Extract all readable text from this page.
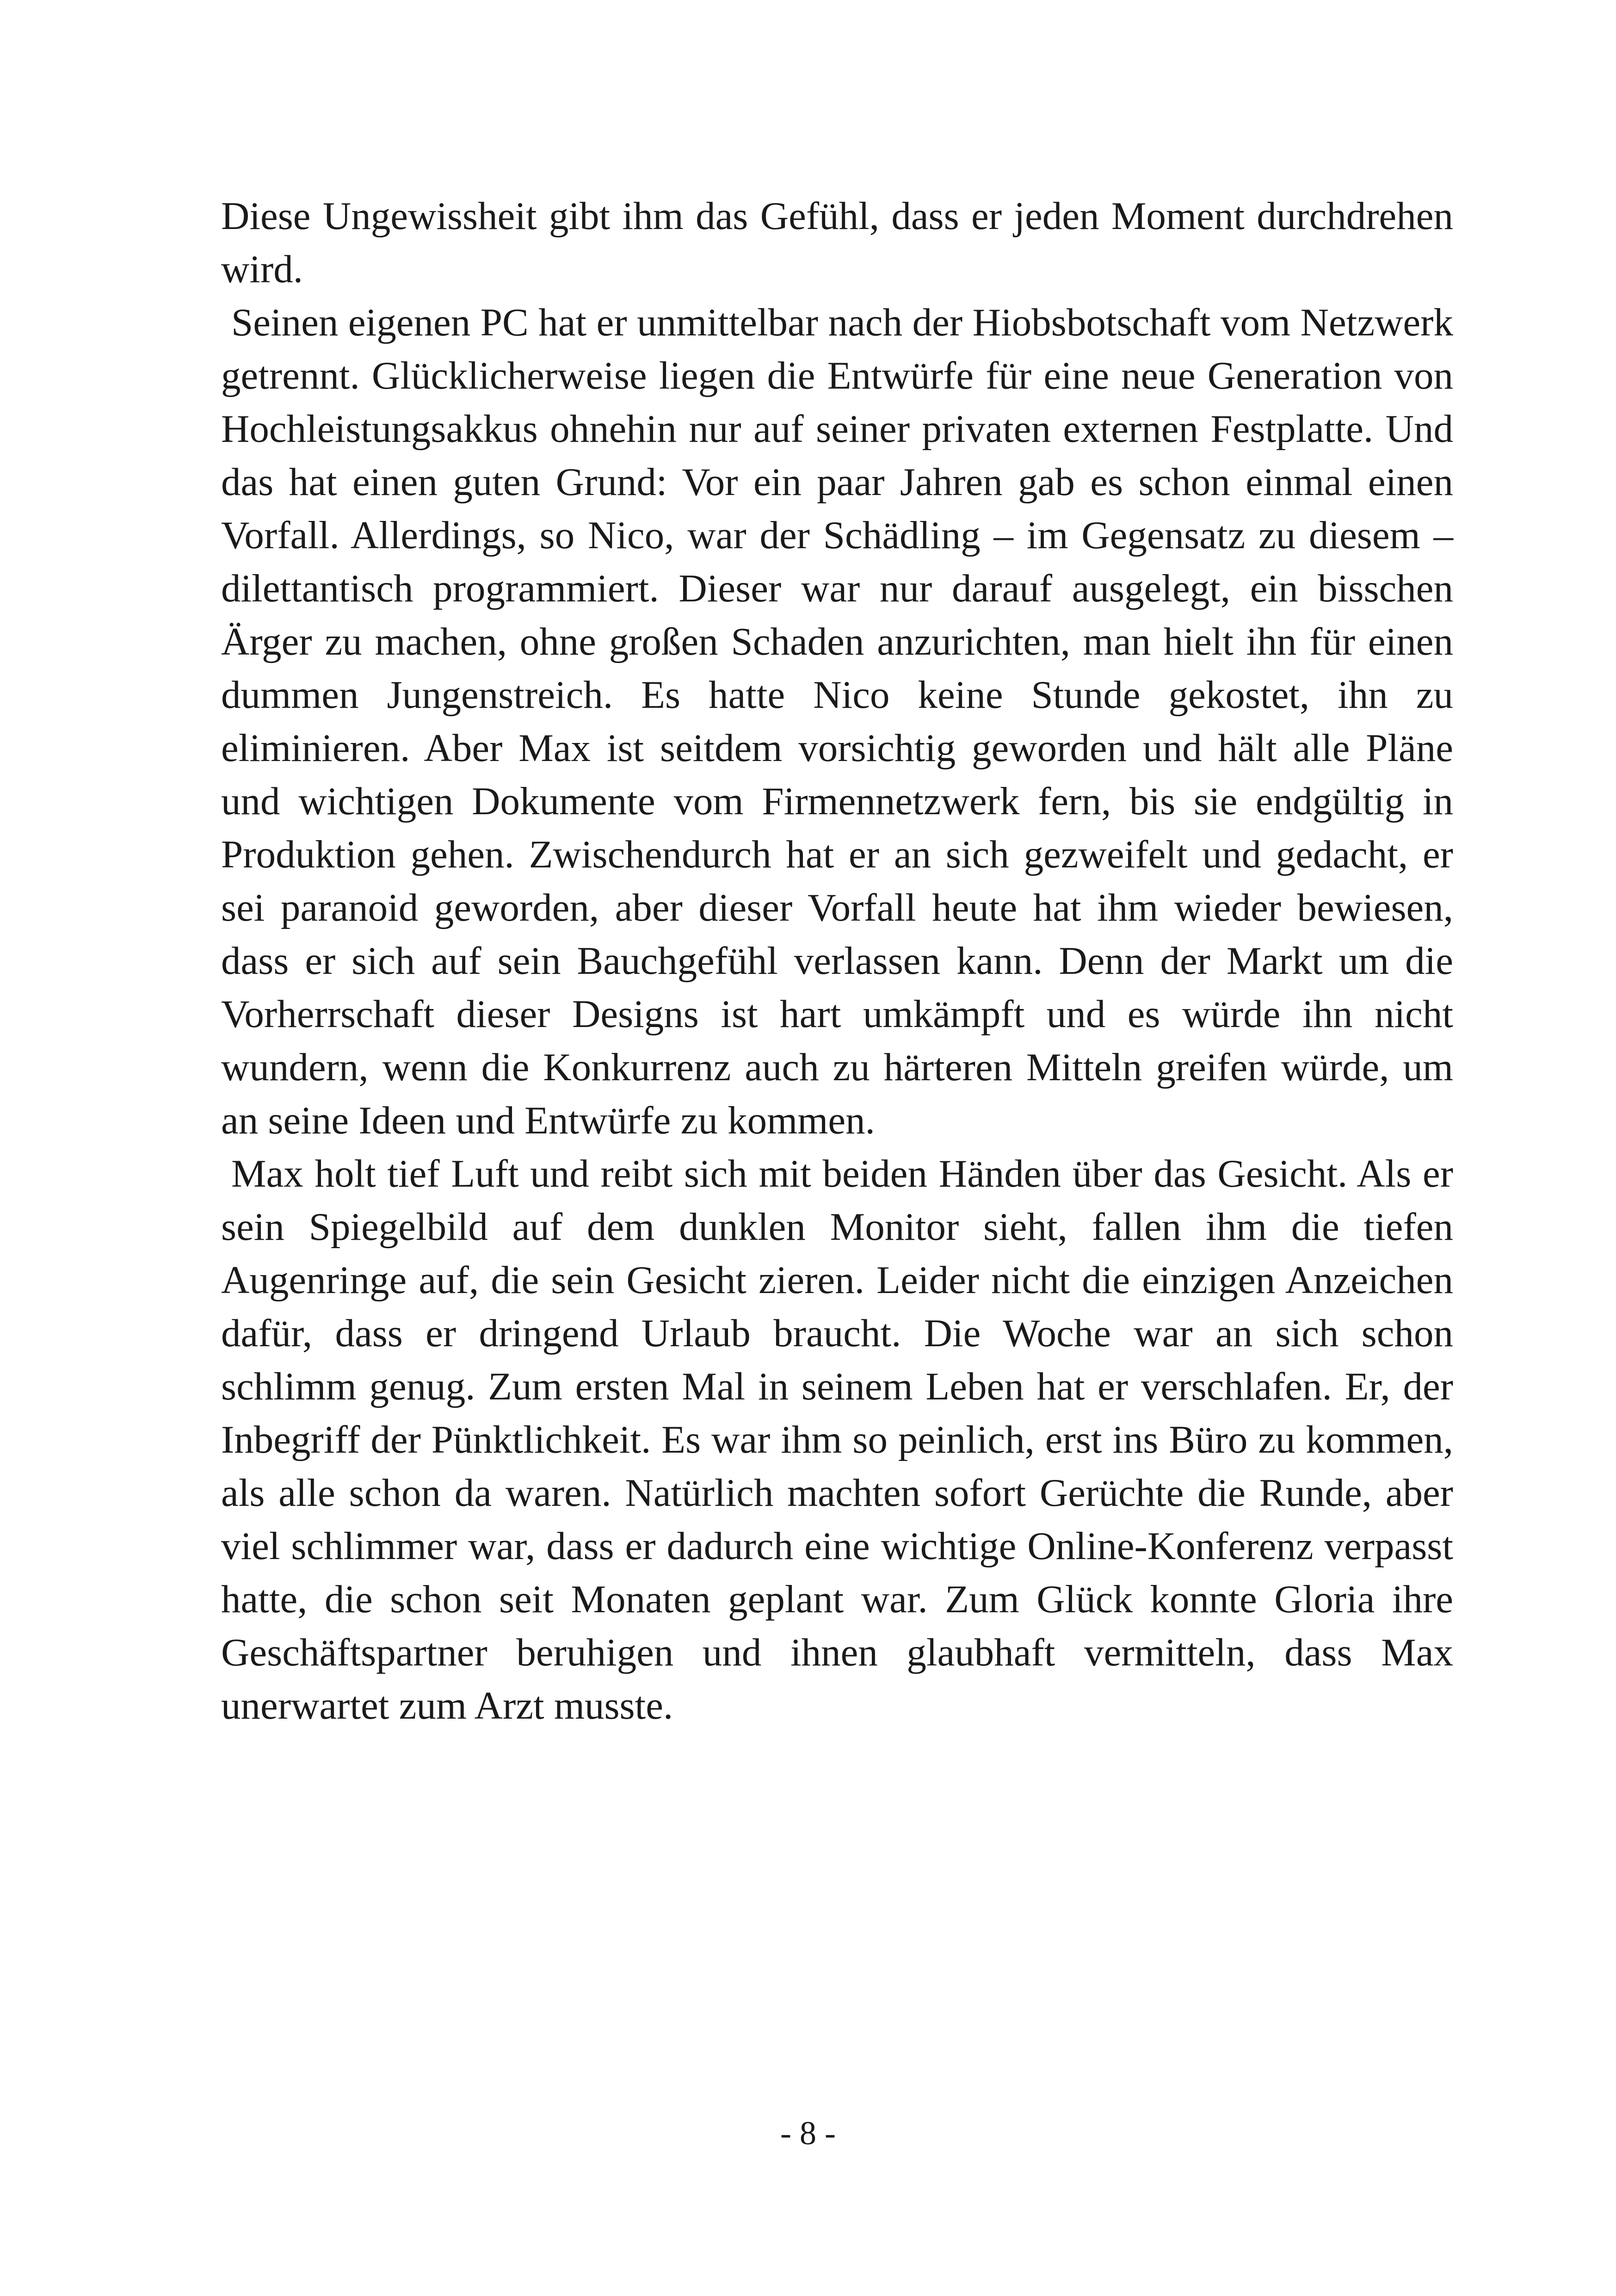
Diese Ungewissheit gibt ihm das Gefühl, dass er jeden Moment durchdrehen wird.

Seinen eigenen PC hat er unmittelbar nach der Hiobsbotschaft vom Netzwerk getrennt. Glücklicherweise liegen die Entwürfe für eine neue Generation von Hochleistungsakkus ohnehin nur auf seiner privaten externen Festplatte. Und das hat einen guten Grund: Vor ein paar Jahren gab es schon einmal einen Vorfall. Allerdings, so Nico, war der Schädling – im Gegensatz zu diesem – dilettantisch programmiert. Dieser war nur darauf ausgelegt, ein bisschen Ärger zu machen, ohne großen Schaden anzurichten, man hielt ihn für einen dummen Jungenstreich. Es hatte Nico keine Stunde gekostet, ihn zu eliminieren. Aber Max ist seitdem vorsichtig geworden und hält alle Pläne und wichtigen Dokumente vom Firmennetzwerk fern, bis sie endgültig in Produktion gehen. Zwischendurch hat er an sich gezweifelt und gedacht, er sei paranoid geworden, aber dieser Vorfall heute hat ihm wieder bewiesen, dass er sich auf sein Bauchgefühl verlassen kann. Denn der Markt um die Vorherrschaft dieser Designs ist hart umkämpft und es würde ihn nicht wundern, wenn die Konkurrenz auch zu härteren Mitteln greifen würde, um an seine Ideen und Entwürfe zu kommen.

Max holt tief Luft und reibt sich mit beiden Händen über das Gesicht. Als er sein Spiegelbild auf dem dunklen Monitor sieht, fallen ihm die tiefen Augenringe auf, die sein Gesicht zieren. Leider nicht die einzigen Anzeichen dafür, dass er dringend Urlaub braucht. Die Woche war an sich schon schlimm genug. Zum ersten Mal in seinem Leben hat er verschlafen. Er, der Inbegriff der Pünktlichkeit. Es war ihm so peinlich, erst ins Büro zu kommen, als alle schon da waren. Natürlich machten sofort Gerüchte die Runde, aber viel schlimmer war, dass er dadurch eine wichtige Online-Konferenz verpasst hatte, die schon seit Monaten geplant war. Zum Glück konnte Gloria ihre Geschäftspartner beruhigen und ihnen glaubhaft vermitteln, dass Max unerwartet zum Arzt musste.

- 8 -
